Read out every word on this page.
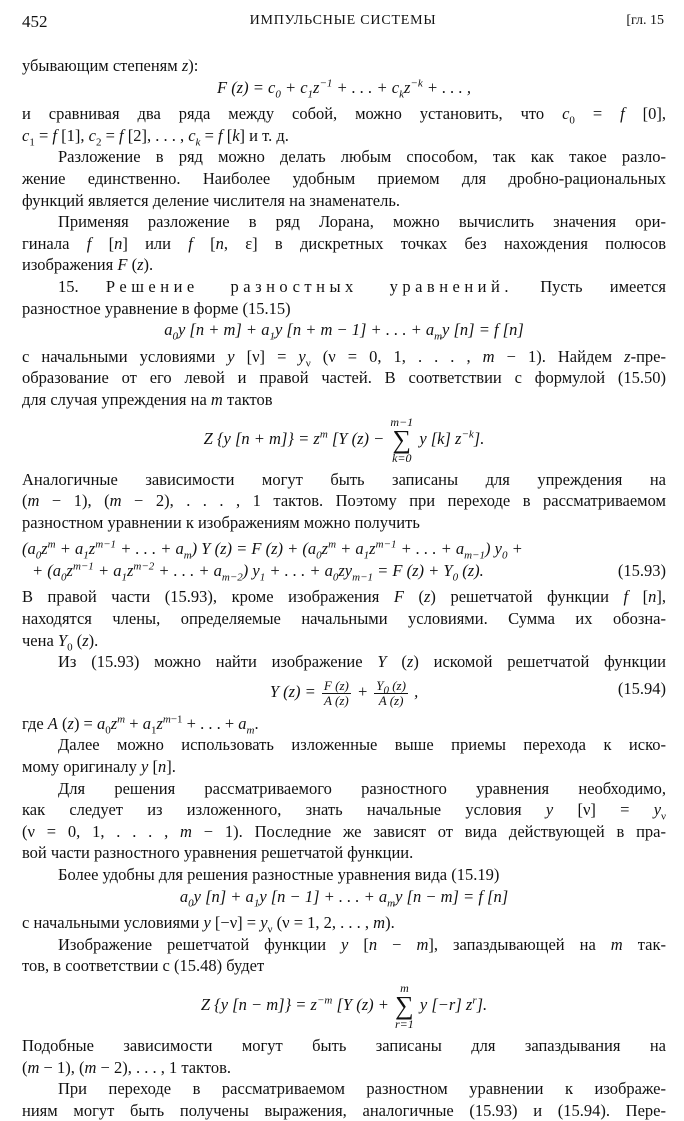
452	ИМПУЛЬСНЫЕ СИСТЕМЫ	[гл. 15

убывающим степеням z):

F $(z) = c_0 + c_1z^{-1}$ + . . . + $c_kz^{-k}$ + . . . ,

и сравнивая два ряда между собой, можно установить, что $c_0 = f$ [0],

$c_1 = f$ [1], $c_2 = f$ [2], . . . , $c_k = f$ [k] и т. д.

Разложение в ряд можно делать любым способом, так как такое разло-

жение единственно. Наиболее удобным приемом для дробно-рациональных

функций является деление числителя на знаменатель.

Применяя разложение в ряд Лорана, можно вычислить значения ори-

гинала f [n] или f [n, ε] в дискретных точках без нахождения полюсов

изображения F (z).

15. Решение разностных уравнений. Пусть имеется

разностное уравнение в форме (15.15)

$a_0y$ $[n + m] + a_1y$ [n + m − 1] + . . . + $a_my$ [n] = f [n]

с начальными условиями y $[\nu] = y_\nu$ (ν = 0, 1, . . . , m − 1). Найдем z-пре-

образование от его левой и правой частей. В соответствии с формулой (15.50)

для случая упреждения на m тактов

Z {y $[n + m]\} = z^m$ [Y (z) − m−1
∑
k=0 y [k] $z^{-k}$].

Аналогичные зависимости могут быть записаны для упреждения на

(m − 1), (m − 2), . . . , 1 тактов. Поэтому при переходе в рассматриваемом

разностном уравнении к изображениям можно получить

($a_0z^m + a_1z^{m-1}$ + . . . + $a_m$) Y (z) = F $(z) + (a_0z^m + a_1z^{m-1}$ + . . . + $a_{m-1}$) $y_0$ +

+ ($a_0z^{m-1} + a_1z^{m-2}$ + . . . + $a_{m-2}$) $y_1$ + . . . + $a_0zy_{m-1} = F$ $(z) + Y_0$ (z).	(15.93)

В правой части (15.93), кроме изображения F (z) решетчатой функции f [n],

находятся члены, определяемые начальными условиями. Сумма их обозна-

чена $Y_0$ (z).

Из (15.93) можно найти изображение Y (z) искомой решетчатой функции

Y $(z) = \frac{F (z)}{A (z)} + \frac{Y_0 (z)}{A (z)}$ ,	(15.94)

где A $(z) = a_0z^m + a_1z^{m-1}$ + . . . + $a_m$.

Далее можно использовать изложенные выше приемы перехода к иско-

мому оригиналу y [n].

Для решения рассматриваемого разностного уравнения необходимо,

как следует из изложенного, знать начальные условия y $[\nu] = y_\nu$

(ν = 0, 1, . . . , m − 1). Последние же зависят от вида действующей в пра-

вой части разностного уравнения решетчатой функции.

Более удобны для решения разностные уравнения вида (15.19)

$a_0y$ $[n] + a_1y$ [n − 1] + . . . + $a_my$ [n − m] = f [n]

с начальными условиями y $[-\nu] = y_\nu$ (ν = 1, 2, . . . , m).

Изображение решетчатой функции y [n − m], запаздывающей на m так-

тов, в соответствии с (15.48) будет

Z {y $[n - m]\} = z^{-m}$ [Y (z) + m
∑
r=1 y [−r] $z^r$].

Подобные зависимости могут быть записаны для запаздывания на

(m − 1), (m − 2), . . . , 1 тактов.

При переходе в рассматриваемом разностном уравнении к изображе-

ниям могут быть получены выражения, аналогичные (15.93) и (15.94). Пере-
